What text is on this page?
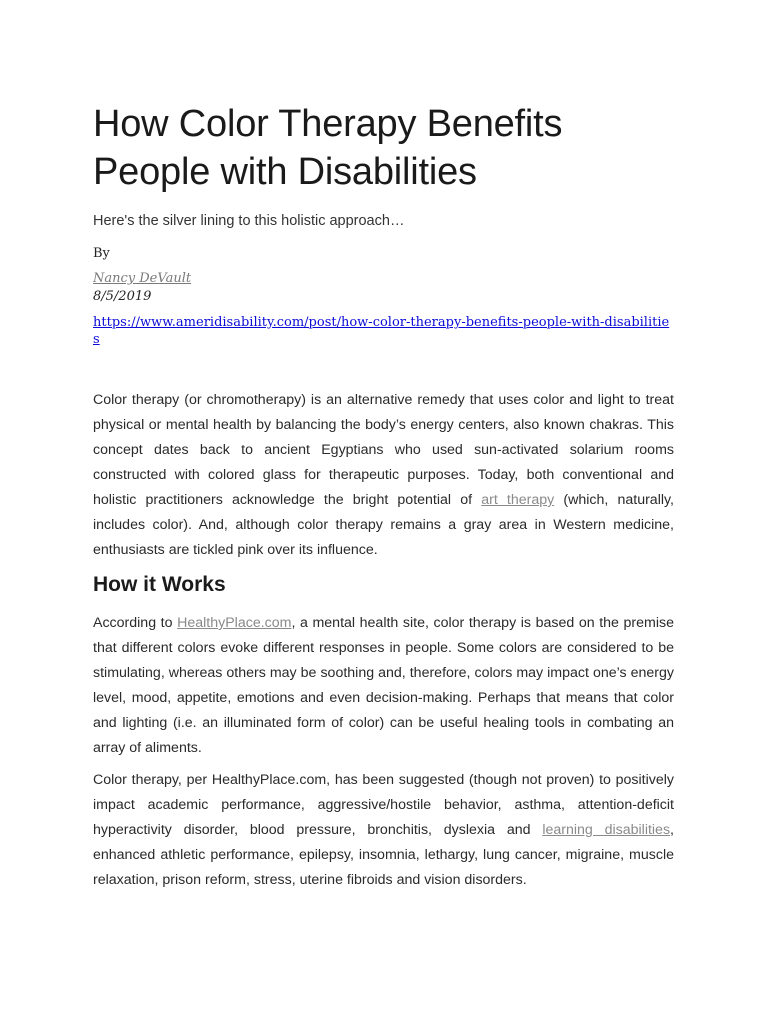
How Color Therapy Benefits People with Disabilities

Here's the silver lining to this holistic approach…

By

Nancy DeVault

8/5/2019

https://www.ameridisability.com/post/how-color-therapy-benefits-people-with-disabilities

Color therapy (or chromotherapy) is an alternative remedy that uses color and light to treat physical or mental health by balancing the body’s energy centers, also known chakras. This concept dates back to ancient Egyptians who used sun-activated solarium rooms constructed with colored glass for therapeutic purposes. Today, both conventional and holistic practitioners acknowledge the bright potential of art therapy (which, naturally, includes color). And, although color therapy remains a gray area in Western medicine, enthusiasts are tickled pink over its influence.

How it Works

According to HealthyPlace.com, a mental health site, color therapy is based on the premise that different colors evoke different responses in people. Some colors are considered to be stimulating, whereas others may be soothing and, therefore, colors may impact one’s energy level, mood, appetite, emotions and even decision-making. Perhaps that means that color and lighting (i.e. an illuminated form of color) can be useful healing tools in combating an array of aliments.

Color therapy, per HealthyPlace.com, has been suggested (though not proven) to positively impact academic performance, aggressive/hostile behavior, asthma, attention-deficit hyperactivity disorder, blood pressure, bronchitis, dyslexia and learning disabilities, enhanced athletic performance, epilepsy, insomnia, lethargy, lung cancer, migraine, muscle relaxation, prison reform, stress, uterine fibroids and vision disorders.
